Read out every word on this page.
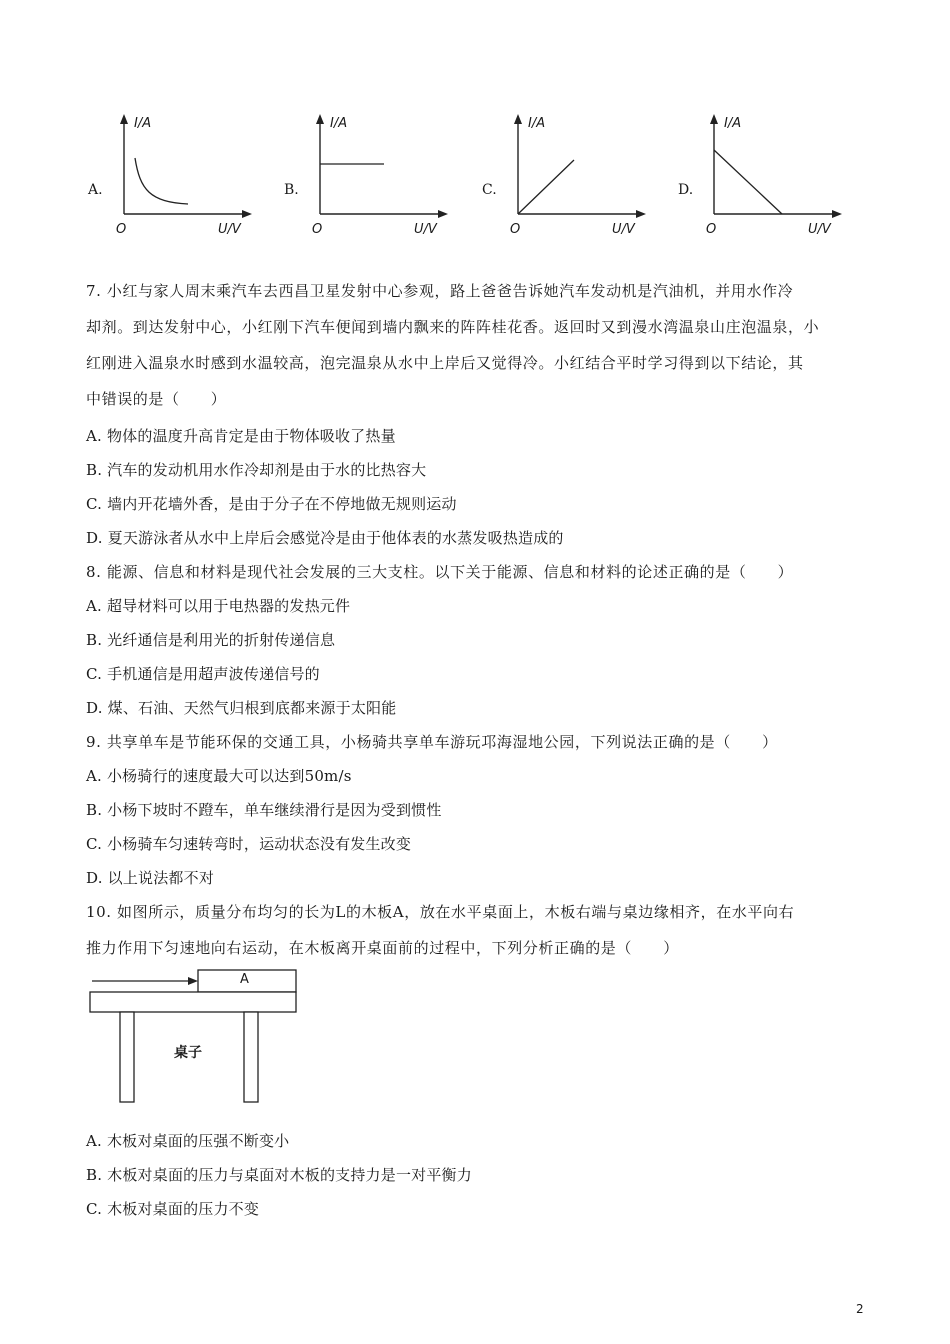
A.
I/A
U/V
O
B.
I/A
U/V
O
C.
I/A
U/V
O
D.
I/A
U/V
O
7. 小红与家人周末乘汽车去西昌卫星发射中心参观，路上爸爸告诉她汽车发动机是汽油机，并用水作冷
却剂。到达发射中心，小红刚下汽车便闻到墙内飘来的阵阵桂花香。返回时又到漫水湾温泉山庄泡温泉，小
红刚进入温泉水时感到水温较高，泡完温泉从水中上岸后又觉得冷。小红结合平时学习得到以下结论，其
中错误的是（　　）
A. 物体的温度升高肯定是由于物体吸收了热量
B. 汽车的发动机用水作冷却剂是由于水的比热容大
C. 墙内开花墙外香，是由于分子在不停地做无规则运动
D. 夏天游泳者从水中上岸后会感觉冷是由于他体表的水蒸发吸热造成的
8. 能源、信息和材料是现代社会发展的三大支柱。以下关于能源、信息和材料的论述正确的是（　　）
A. 超导材料可以用于电热器的发热元件
B. 光纤通信是利用光的折射传递信息
C. 手机通信是用超声波传递信号的
D. 煤、石油、天然气归根到底都来源于太阳能
9. 共享单车是节能环保的交通工具，小杨骑共享单车游玩邛海湿地公园，下列说法正确的是（　　）
A. 小杨骑行的速度最大可以达到50m/s
B. 小杨下坡时不蹬车，单车继续滑行是因为受到惯性
C. 小杨骑车匀速转弯时，运动状态没有发生改变
D. 以上说法都不对
10. 如图所示，质量分布均匀的长为L的木板A，放在水平桌面上，木板右端与桌边缘相齐，在水平向右
推力作用下匀速地向右运动，在木板离开桌面前的过程中，下列分析正确的是（　　）
A
桌子
A. 木板对桌面的压强不断变小
B. 木板对桌面的压力与桌面对木板的支持力是一对平衡力
C. 木板对桌面的压力不变
2
